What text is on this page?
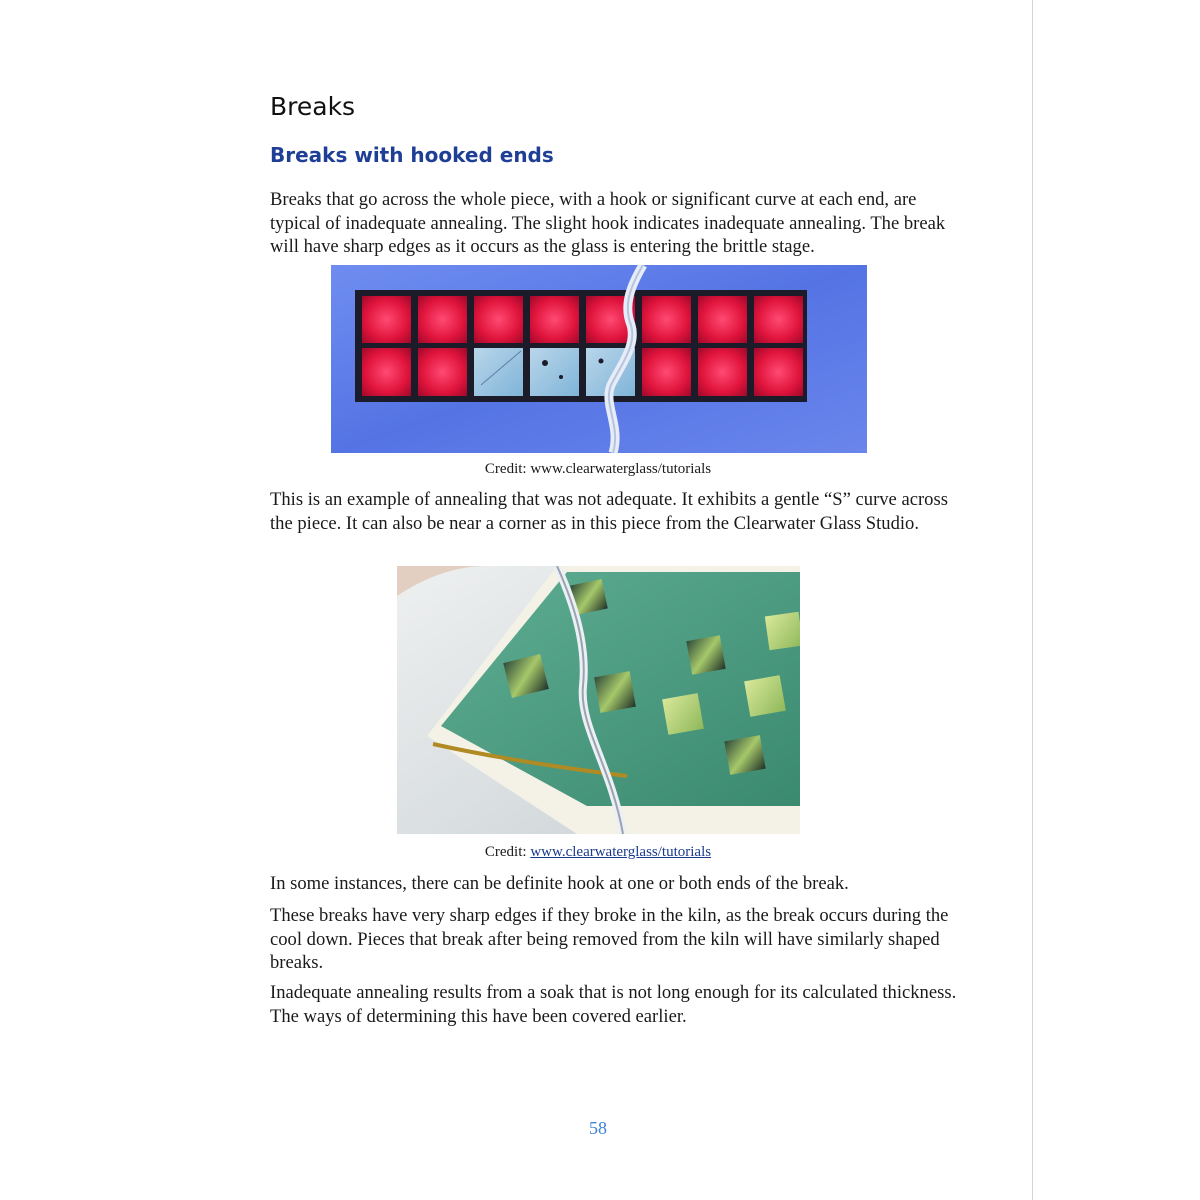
Breaks
Breaks with hooked ends

Breaks that go across the whole piece, with a hook or significant curve at each end, are typical of inadequate annealing. The slight hook indicates inadequate annealing. The break will have sharp edges as it occurs as the glass is entering the brittle stage.

Credit: www.clearwaterglass/tutorials

This is an example of annealing that was not adequate. It exhibits a gentle “S” curve across the piece. It can also be near a corner as in this piece from the Clearwater Glass Studio.

Credit: www.clearwaterglass/tutorials

In some instances, there can be definite hook at one or both ends of the break.

These breaks have very sharp edges if they broke in the kiln, as the break occurs during the cool down. Pieces that break after being removed from the kiln will have similarly shaped breaks.

Inadequate annealing results from a soak that is not long enough for its calculated thickness. The ways of determining this have been covered earlier.

58
